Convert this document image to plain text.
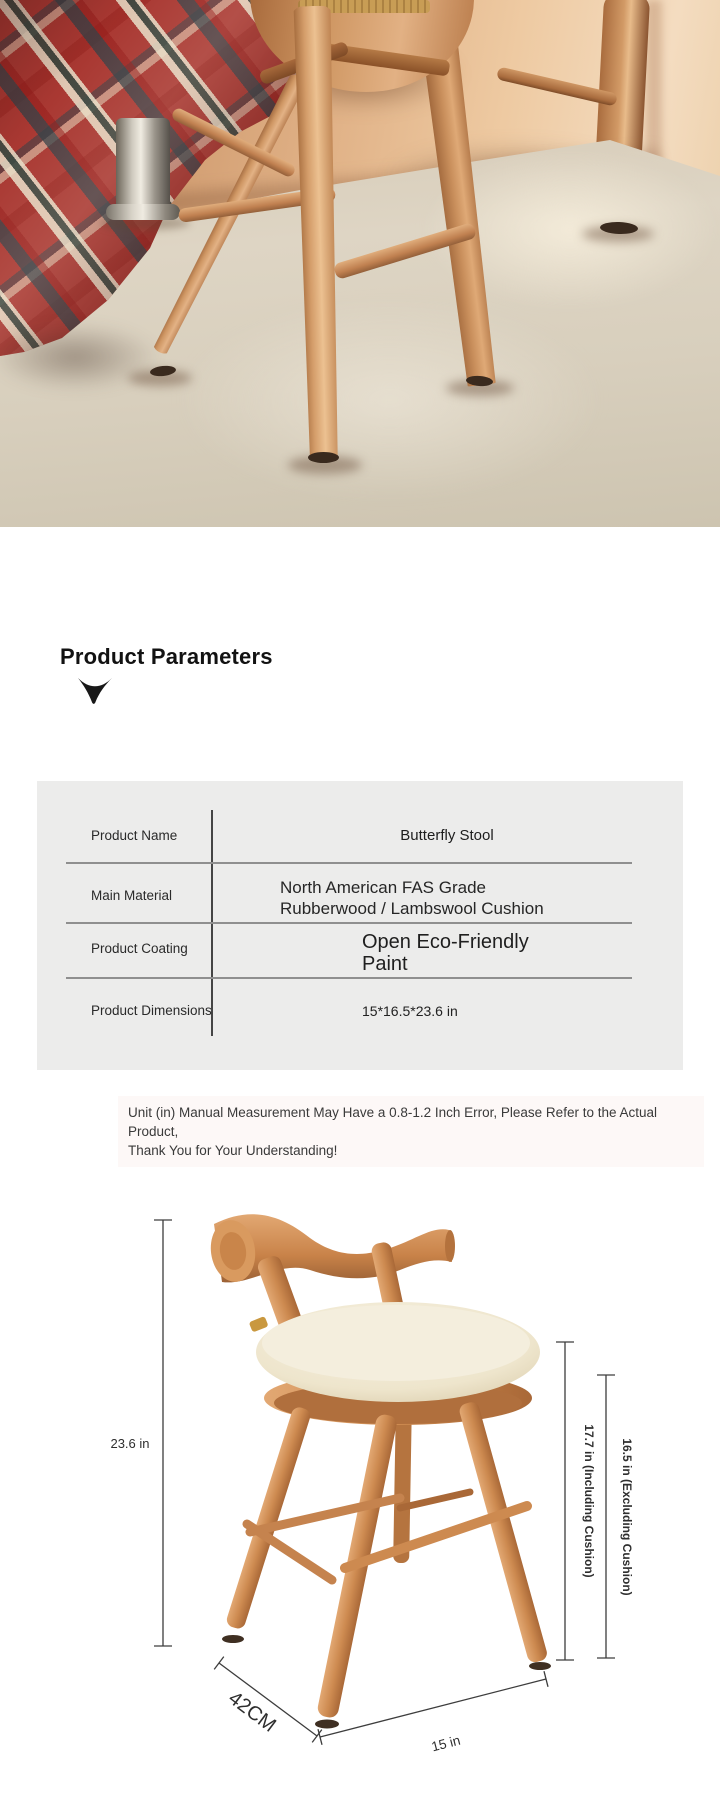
Product Parameters
Product Name	Butterfly Stool
Main Material	North American FAS Grade
Rubberwood / Lambswool Cushion
Product Coating	Open Eco-Friendly
Paint
Product Dimensions	15*16.5*23.6 in
Unit (in) Manual Measurement May Have a 0.8-1.2 Inch Error, Please Refer to the Actual Product,
Thank You for Your Understanding!
23.6 in	17.7 in (Including Cushion) 16.5 in (Excluding Cushion)
42CM
15 in
